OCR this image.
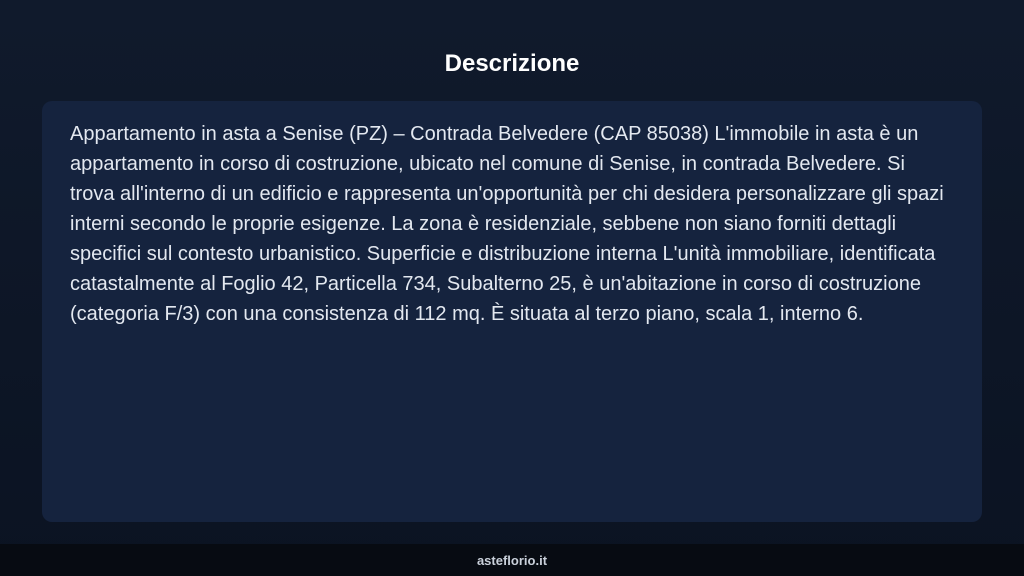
Descrizione

Appartamento in asta a Senise (PZ) – Contrada Belvedere (CAP 85038) L'immobile in asta è un appartamento in corso di costruzione, ubicato nel comune di Senise, in contrada Belvedere. Si trova all'interno di un edificio e rappresenta un'opportunità per chi desidera personalizzare gli spazi interni secondo le proprie esigenze. La zona è residenziale, sebbene non siano forniti dettagli specifici sul contesto urbanistico. Superficie e distribuzione interna L'unità immobiliare, identificata catastalmente al Foglio 42, Particella 734, Subalterno 25, è un'abitazione in corso di costruzione (categoria F/3) con una consistenza di 112 mq. È situata al terzo piano, scala 1, interno 6.

asteflorio.it
